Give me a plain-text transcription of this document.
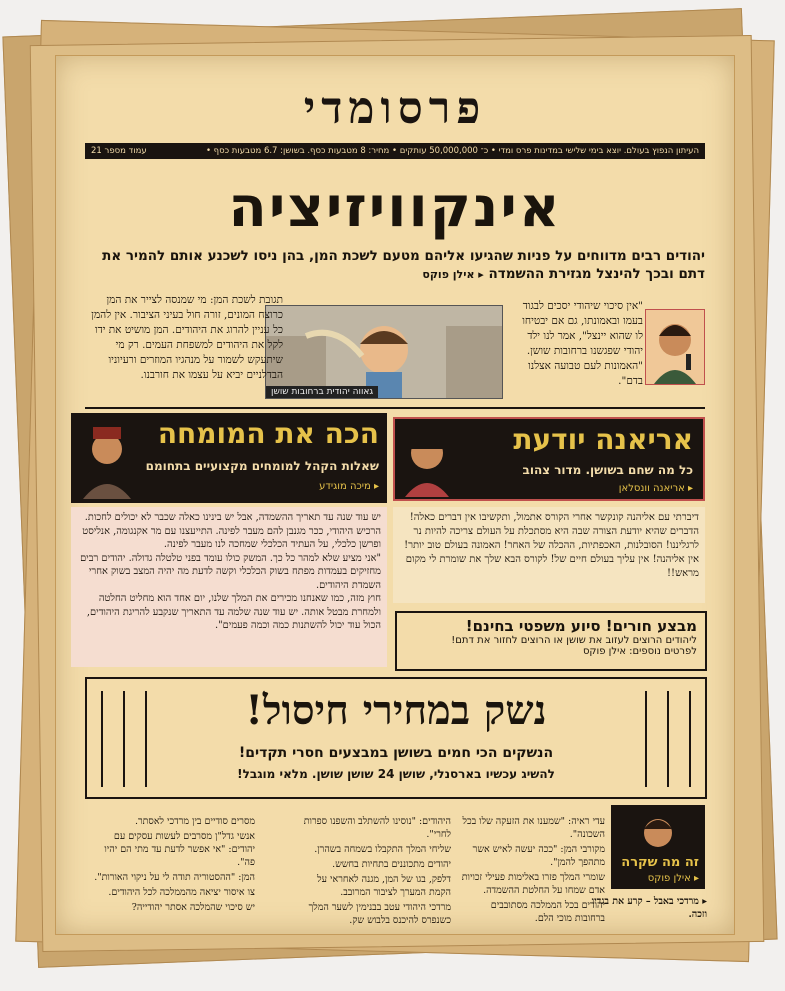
פרסומדי
העיתון הנפוץ בעולם. יוצא בימי שלישי במדינות פרס ומדי • כ־ 50,000,000 עותקים • מחיר: 8 מטבעות כסף. בשושן: 6.7 מטבעות כסף •
עמוד מספר 21
אינקוויזיציה
יהודים רבים מדווחים על פניות שהגיעו אליהם מטעם לשכת המן, בהן ניסו לשכנע אותם להמיר את דתם ובכך להינצל מגזירת ההשמדה ▸ אילן פוקס
"אין סיכוי שיהודי יסכים לבגוד בעמו ובאמונתו, גם אם יבטיחו לו שהוא יינצל", אמר לנו ילד יהודי שפגשנו ברחובות שושן. "האמונות לעם טבועה אצלנו בדם".
גאווה יהודית ברחובות שושן
תגובת לשכת המן: מי שמנסה לצייר את המן כרוצח המונים, זורה חול בעיני הציבור. אין להמן כל עניין להרוג את היהודים. המן מושיט את ידו לקל את היהודים למשפחת העמים. רק מי שיתעקש לשמור על מנהגיו המוזרים ורעיוניו הבדלניים יביא על עצמו את חורבנו.
אריאנה יודעת
כל מה שחם בשושן. מדור צהוב
▸ אריאנה וונסלאן
דיברתי עם אליהנה קונקשר אחרי הקורס אתמול, ותקשיבו אין דברים כאלה! הדברים שהיא יודעת הצורה שבה היא מסתכלת על העולם צריכה להיות נר לרגליננו! הסובלנות, האכפתיות, ההכלה של האחר! האמונה בעולם טוב יותר! אין אליהנה! אין עליך בעולם חיים של! לקורס הבא שלך את שומרת לי מקום מראש!!
הכה את המומחה
שאלות הקהל למומחים מקצועיים בתחומם
▸ מיכה מוגידע
יש עוד שנה עד תאריך ההשמדה, אבל יש בינינו כאלה שכבר לא יכולים לחכות. הרכיש היהודי, ככר מגנבן להם מעבר לפינה. התייעצנו עם מר אקנגומה, אנליסט ופרשן כלכלי, על העתיד הכלכלי שמחכה לנו מעבר לפינה.
"אני מציע שלא למהר כל כך. המשק כולו עומד בפני טלטלה גדולה. יהודים רבים מחזיקים בעמדות מפתח בשוק הכלכלי וקשה לדעת מה יהיה המצב בשוק אחרי השמדת היהודים.
חוץ מזה, כמו שאנחנו מכירים את המלך שלנו, יום אחד הוא מחליט החלטה ולמחרת מבטל אותה. יש עוד שנה שלמה עד התאריך שנקבע להריגת היהודים, הכול עוד יכול להשתנות כמה וכמה פעמים".	מבצע חורים! סיוע משפטי בחינם!
ליהודים הרוצים לעזוב את שושן או הרוצים לחזור את דתם!
לפרטים נוספים: אילן פוקס
נשק במחירי חיסול!
הנשקים הכי חמים בשושן במבצעים חסרי תקדים!
להשיג עכשיו בארסנלי, שושן 24 שושן שושן. מלאי מוגבל!
זה מה שקרה
▸ אילן פוקס
▸ מרדכי באבל – קרע את בגדיו וזכה.
עדי ראיה: "שמענו את הזעקה שלו בכל השכונה".
מקורבי המן: "ככה יעשה לאיש אשר מתהפך להמן".
שומרי המלך פזרו באלימות פעילי זכויות אדם שמחו על החלטת ההשמדה.
יהודים בכל הממלכה מסתובבים ברחובות מוכי הלם.
היהודים: "נוסינו להשתלב והשפנו ספרות לחרי".
שליחי המלך התקבלו בשמחה בשהרן.
יהודים מתכוננים בתחיות בחשש.
דלפק, בגו של המן, מגנה לאחראי על הקמת המערך לציבור המרובב.
מרדכי היהודי עטב בבנימין לשער המלך כשנפרס להיכנס בלבוש שק.
מסרים סודיים בין מרדכי לאסתר.
אנשי גדל"ן מסרבים לעשות עסקים עם יהודים: "אי אפשר לדעת עד מתי הם יהיו פה".
המן: "ההסטוריה תודה לי על ניקוי האורות".
צו איסור יציאה מהממלכה לכל היהודים.
יש סיכוי שהמלכה אסתר יהודייה?
